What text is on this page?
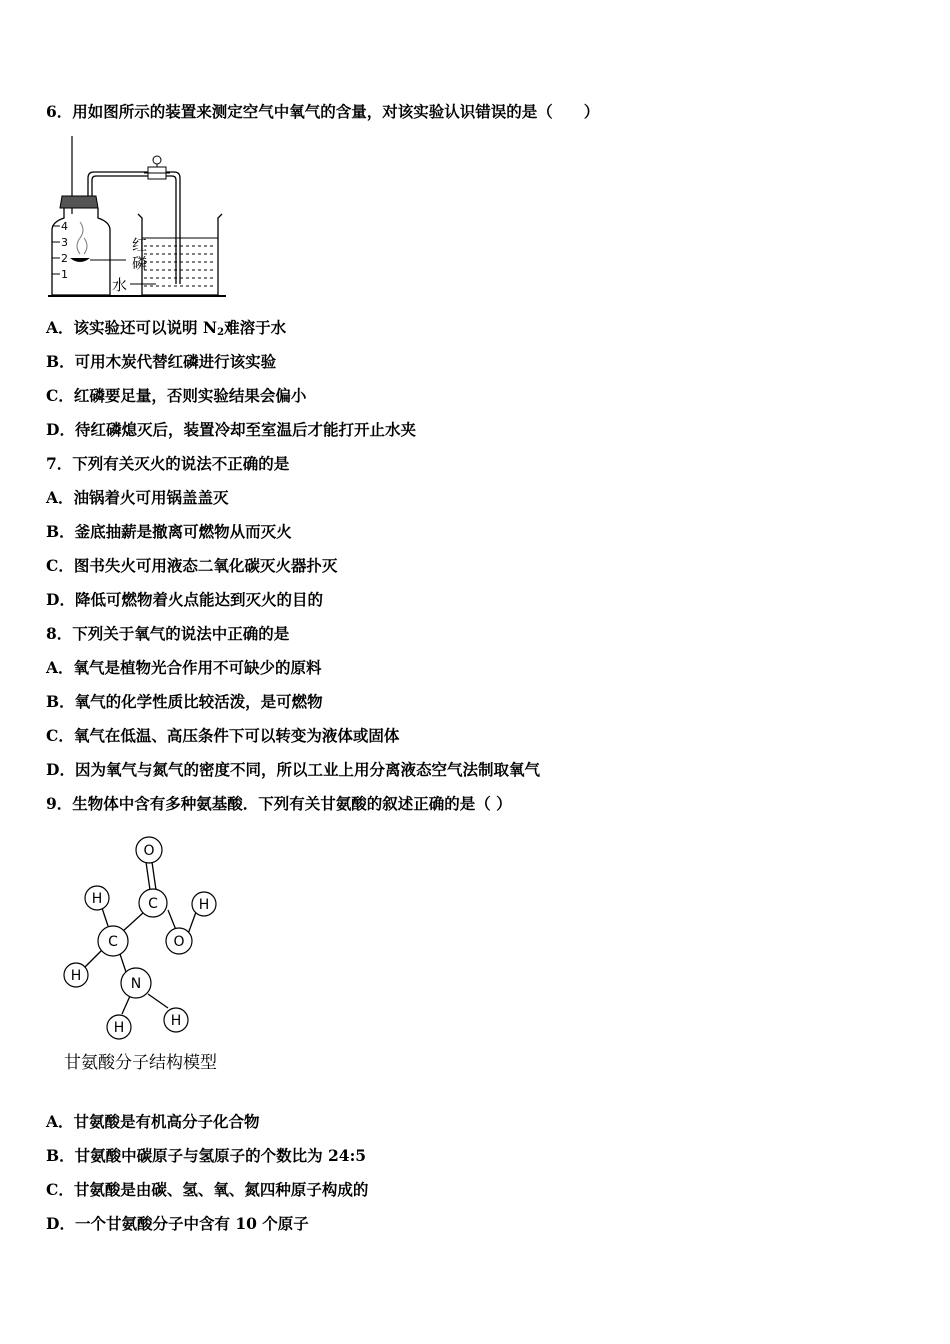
6．用如图所示的装置来测定空气中氧气的含量，对该实验认识错误的是（　　）
4
3
2
1
红
磷
水
A．该实验还可以说明 $N_2$难溶于水
B．可用木炭代替红磷进行该实验
C．红磷要足量，否则实验结果会偏小
D．待红磷熄灭后，装置冷却至室温后才能打开止水夹
7．下列有关灭火的说法不正确的是
A．油锅着火可用锅盖盖灭
B．釜底抽薪是撤离可燃物从而灭火
C．图书失火可用液态二氧化碳灭火器扑灭
D．降低可燃物着火点能达到灭火的目的
8．下列关于氧气的说法中正确的是
A．氧气是植物光合作用不可缺少的原料
B．氧气的化学性质比较活泼，是可燃物
C．氧气在低温、高压条件下可以转变为液体或固体
D．因为氧气与氮气的密度不同，所以工业上用分离液态空气法制取氧气
9．生物体中含有多种氨基酸．下列有关甘氨酸的叙述正确的是（ ）
O
C	H
O
H
C
H	N
H	H
甘氨酸分子结构模型
A．甘氨酸是有机高分子化合物
B．甘氨酸中碳原子与氢原子的个数比为 24:5
C．甘氨酸是由碳、氢、氧、氮四种原子构成的
D．一个甘氨酸分子中含有 10 个原子
